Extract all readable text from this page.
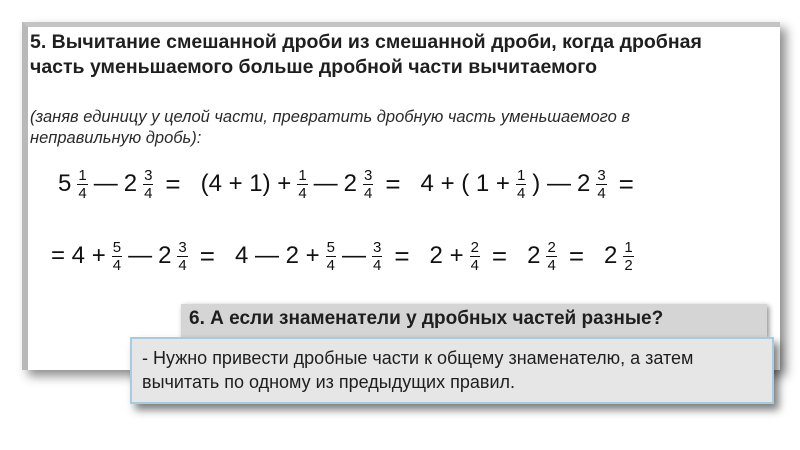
5. Вычитание смешанной дроби из смешанной дроби, когда дробная часть уменьшаемого больше дробной части вычитаемого
(заняв единицу у целой части, превратить дробную часть уменьшаемого в неправильную дробь):
$5 \frac{1}{4}$ — $2 \frac{3}{4} = (4 + 1) + \frac{1}{4}$ — $2 \frac{3}{4} = 4$ + ( $1 + \frac{1}{4}$ ) — $2 \frac{3}{4}$ =
= $4 + \frac{5}{4}$ — $2 \frac{3}{4} = 4$ — $2 + \frac{5}{4}$ — $\frac{3}{4} = 2 + \frac{2}{4} = 2 \frac{2}{4} = 2 \frac{1}{2}$
6. А если знаменатели у дробных частей разные?
- Нужно привести дробные части к общему знаменателю, а затем вычитать по одному из предыдущих правил.
